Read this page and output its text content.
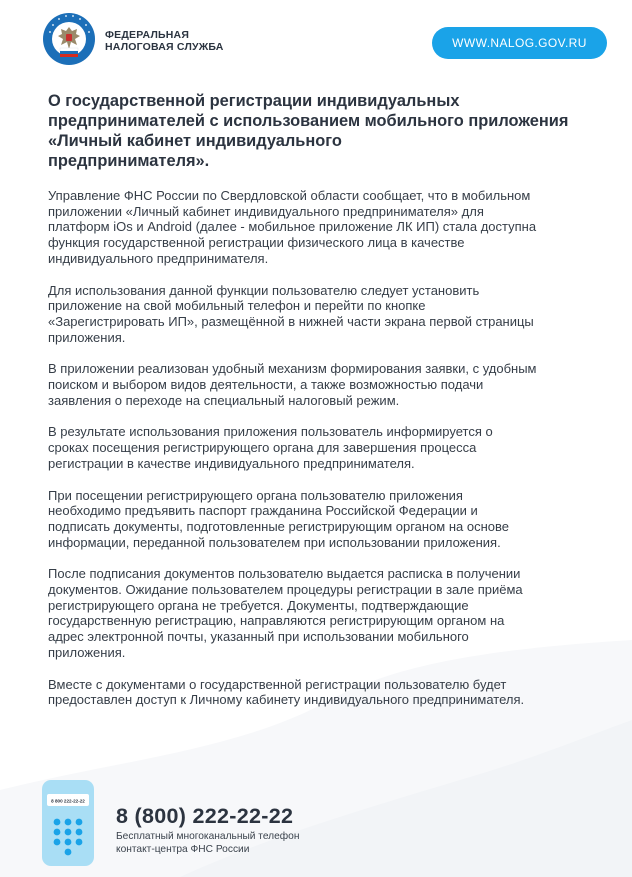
ФЕДЕРАЛЬНАЯ
НАЛОГОВАЯ СЛУЖБА	WWW.NALOG.GOV.RU
О государственной регистрации индивидуальных
предпринимателей с использованием мобильного приложения
«Личный кабинет индивидуального
предпринимателя».

Управление ФНС России по Свердловской области сообщает, что в мобильном
приложении «Личный кабинет индивидуального предпринимателя» для
платформ iOs и Android (далее - мобильное приложение ЛК ИП) стала доступна
функция государственной регистрации физического лица в качестве
индивидуального предпринимателя.

Для использования данной функции пользователю следует установить
приложение на свой мобильный телефон и перейти по кнопке
«Зарегистрировать ИП», размещённой в нижней части экрана первой страницы
приложения.

В приложении реализован удобный механизм формирования заявки, с удобным
поиском и выбором видов деятельности, а также возможностью подачи
заявления о переходе на специальный налоговый режим.

В результате использования приложения пользователь информируется о
сроках посещения регистрирующего органа для завершения процесса
регистрации в качестве индивидуального предпринимателя.

При посещении регистрирующего органа пользователю приложения
необходимо предъявить паспорт гражданина Российской Федерации и
подписать документы, подготовленные регистрирующим органом на основе
информации, переданной пользователем при использовании приложения.

После подписания документов пользователю выдается расписка в получении
документов. Ожидание пользователем процедуры регистрации в зале приёма
регистрирующего органа не требуется. Документы, подтверждающие
государственную регистрацию, направляются регистрирующим органом на
адрес электронной почты, указанный при использовании мобильного
приложения.

Вместе с документами о государственной регистрации пользователю будет
предоставлен доступ к Личному кабинету индивидуального предпринимателя.

8 800 222-22-22
8 (800) 222-22-22
Бесплатный многоканальный телефон
контакт-центра ФНС России
